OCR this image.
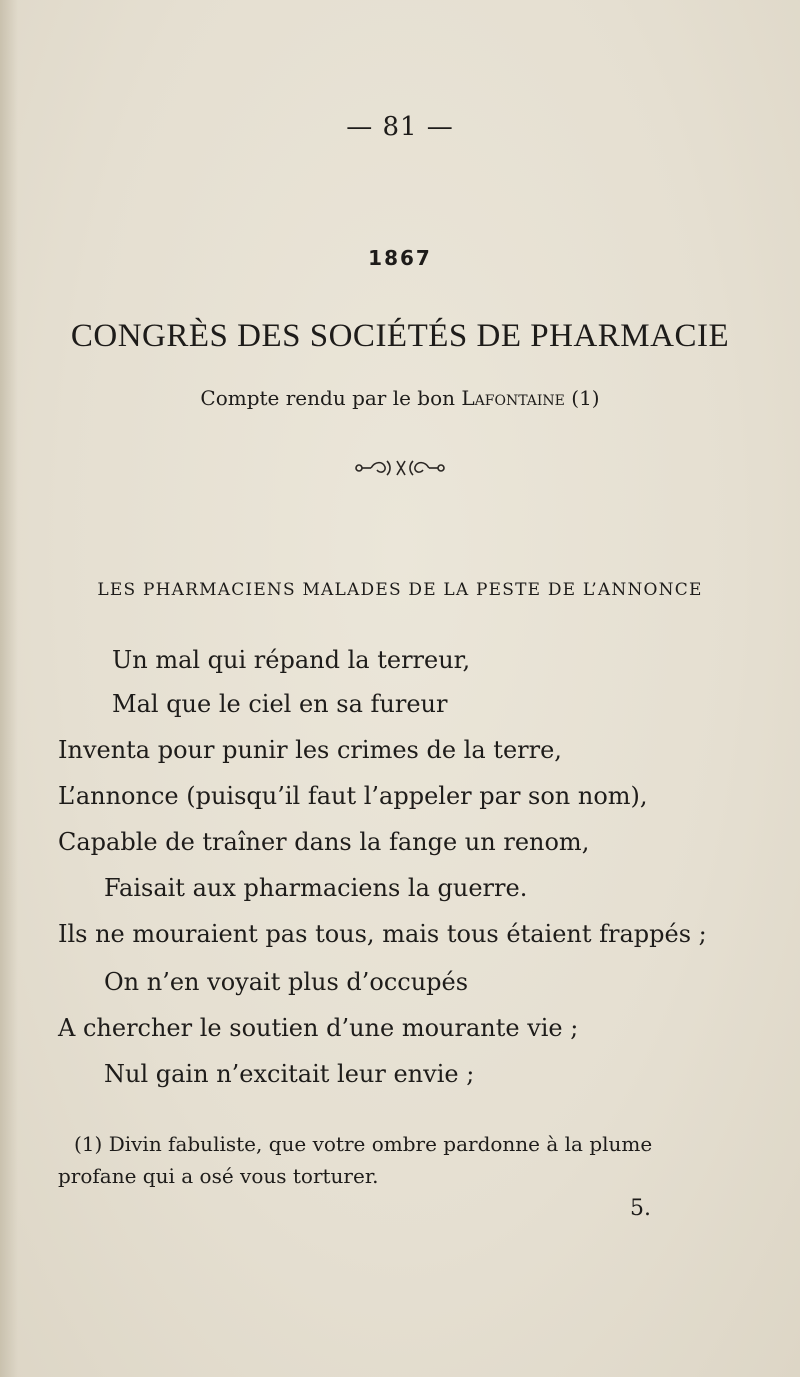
— 81 —
1867
CONGRÈS DES SOCIÉTÉS DE PHARMACIE
Compte rendu par le bon Lafontaine (1)
LES PHARMACIENS MALADES DE LA PESTE DE L’ANNONCE
Un mal qui répand la terreur,
Mal que le ciel en sa fureur
Inventa pour punir les crimes de la terre,
L’annonce (puisqu’il faut l’appeler par son nom),
Capable de traîner dans la fange un renom,
Faisait aux pharmaciens la guerre.
Ils ne mouraient pas tous, mais tous étaient frappés ;
On n’en voyait plus d’occupés
A chercher le soutien d’une mourante vie ;
Nul gain n’excitait leur envie ;
(1) Divin fabuliste, que votre ombre pardonne à la plume
profane qui a osé vous torturer.
5.
